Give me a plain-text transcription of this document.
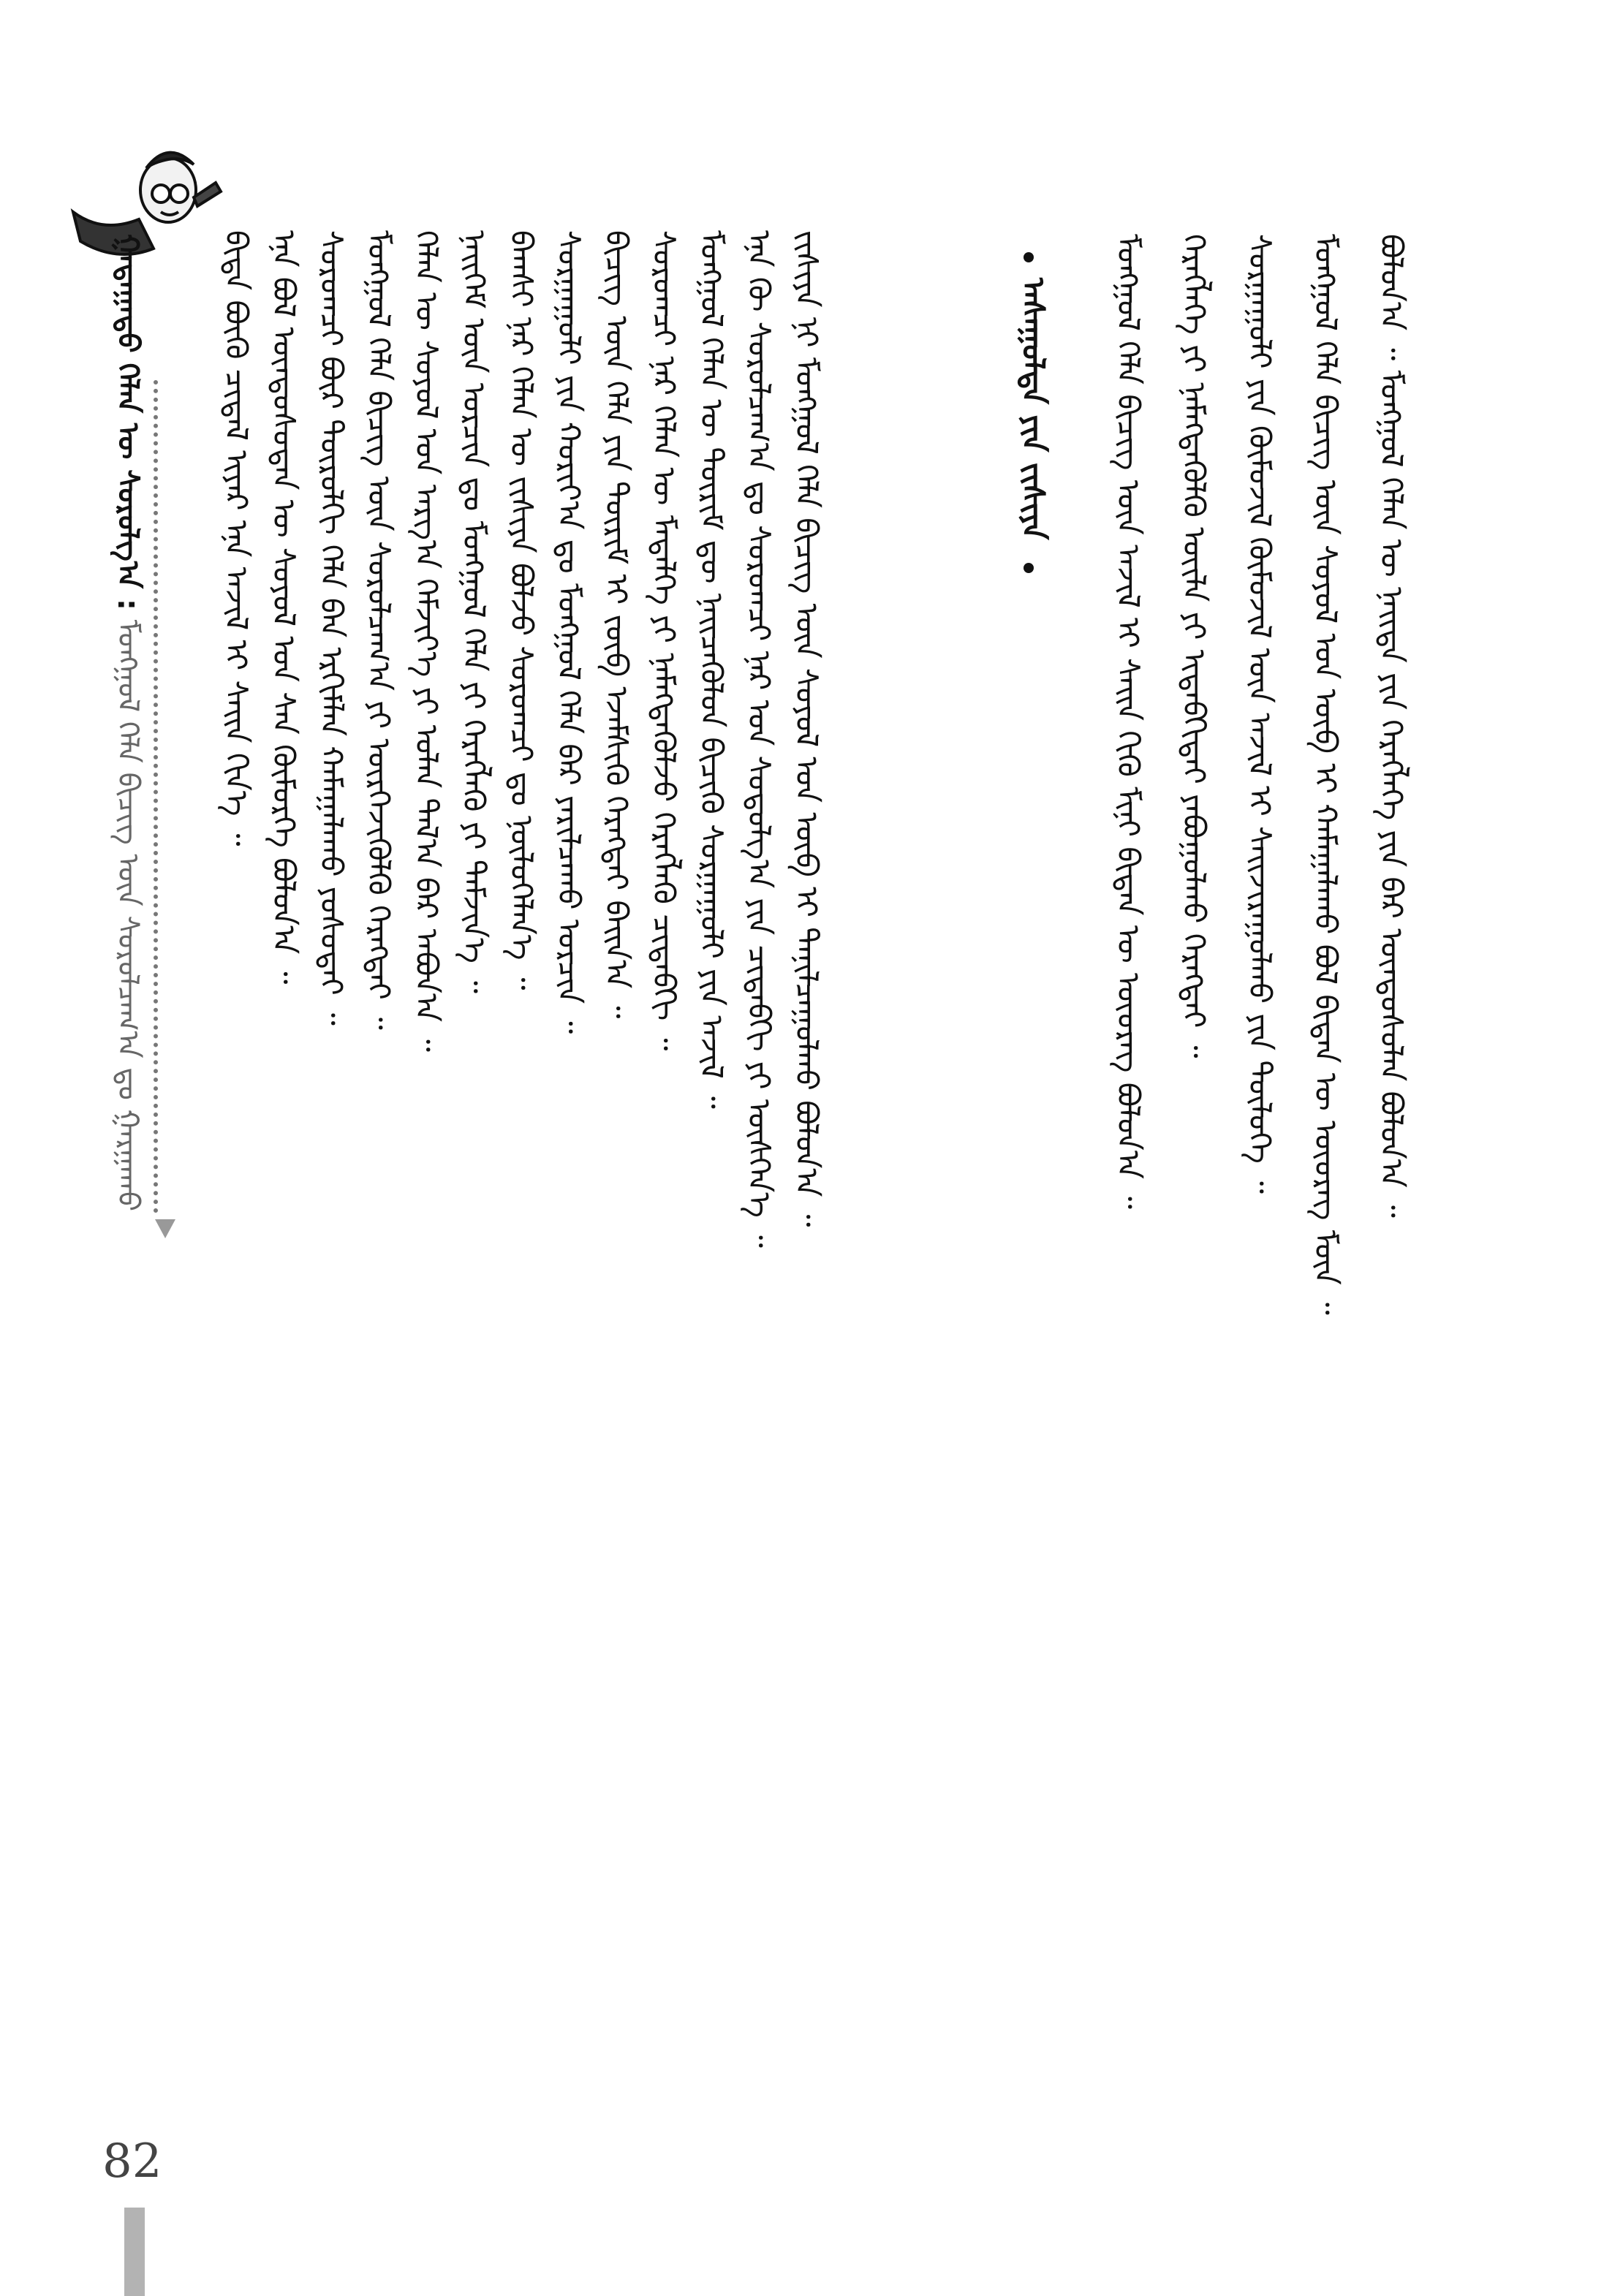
ᠭᠠᠳᠠᠭᠠᠳᠤ ᠬᠡᠯᠡᠨ ᠦ ᠰᠤᠷᠤᠯᠭ᠎ᠠ : ᠮᠣᠩᠭᠣᠯ ᠬᠡᠯᠡ ᠪᠢᠴᠢᠭ ᠦᠨ ᠰᠤᠷᠤᠯᠴᠠᠭ᠎ᠠ ᠳᠤ ᠭᠠᠷᠭᠠᠬᠤ
ᠪᠢᠳᠡ ᠪᠦᠬᠦ ᠴᠢᠳᠠᠯ ᠢᠶᠠᠷ ᠡᠨᠡ ᠠᠵᠢᠯ ᠢ ᠰᠠᠢᠨ ᠬᠢᠨ᠎ᠡ ᠃ ᠡᠨᠡ ᠪᠣᠯ ᠦᠨᠳᠦᠰᠦᠲᠡᠨ ᠦ ᠰᠣᠶᠣᠯ ᠤᠨ ᠰᠠᠨ ᠬᠥᠮᠥᠷᠭᠡ ᠪᠣᠯᠤᠨ᠎ᠠ ᠃ ᠰᠤᠷᠤᠭᠴᠢ ᠪᠦᠷ ᠲᠥᠷᠥᠯᠬᠢ ᠬᠡᠯᠡ ᠪᠡᠨ ᠡᠷᠬᠢᠮᠯᠡᠨ ᠬᠠᠮᠠᠭᠠᠯᠠᠬᠤ ᠶᠤᠰᠤᠲᠠᠢ ᠃ ᠮᠣᠩᠭᠣᠯ ᠬᠡᠯᠡ ᠪᠢᠴᠢᠭ ᠦᠨ ᠰᠤᠷᠤᠯᠴᠠᠭ᠎ᠠ ᠶᠢ ᠥᠷᠭᠡᠵᠢᠭᠦᠯᠬᠦ ᠬᠡᠷᠡᠭᠲᠡᠢ ᠃ ᠬᠡᠯᠡᠨ ᠦ ᠰᠣᠶᠣᠯ ᠤᠨ ᠠᠷᠭ᠎ᠠ ᠬᠡᠮᠵᠢᠶ᠎ᠡ ᠶᠢ ᠣᠯᠠᠨ ᠲᠠᠯ᠎ᠠ ᠪᠡᠷ ᠠᠪᠤᠨ᠎ᠠ ᠃ ᠨᠡᠢᠭᠡᠮ ᠦᠨ ᠣᠷᠴᠢᠨ ᠳᠤ ᠮᠣᠩᠭᠣᠯ ᠬᠡᠯᠡ ᠶᠢ ᠬᠡᠷᠡᠭᠯᠡᠬᠦ ᠶᠢ ᠳᠡᠮᠵᠢᠨ᠎ᠡ ᠃ ᠪᠠᠭᠰᠢ ᠨᠠᠷ ᠬᠡᠯᠡᠨ ᠦ ᠵᠢᠱᠢᠶᠡ ᠪᠣᠯᠵᠤ ᠰᠤᠷᠤᠭᠴᠢ ᠳᠤ ᠨᠥᠯᠦᠭᠡᠯᠡᠨ᠎ᠡ ᠃ ᠰᠤᠷᠭᠠᠭᠤᠯᠢ ᠶᠢᠨ ᠬᠣᠷᠢᠶ᠎ᠠ ᠳᠤ ᠮᠣᠩᠭᠣᠯ ᠬᠡᠯᠡ ᠪᠡᠷ ᠶᠠᠷᠢᠯᠴᠠᠬᠤ ᠣᠷᠴᠢᠨ ᠃ ᠪᠢᠴᠢᠭ ᠦᠨ ᠬᠡᠯᠡ ᠶᠢᠨ ᠳᠦᠷᠢᠮ ᠢ ᠵᠥᠪ ᠡᠵᠡᠮᠰᠢᠬᠦ ᠬᠡᠷᠡᠭᠲᠡᠢ ᠪᠠᠢᠨ᠎ᠠ ᠃ ᠰᠤᠷᠤᠭᠴᠢ ᠨᠠᠷ ᠬᠡᠯᠡᠨ ᠦ ᠮᠡᠳᠡᠯᠭᠡ ᠶᠢ ᠨᠡᠮᠡᠭᠳᠡᠭᠦᠯᠵᠦ ᠬᠡᠷᠡᠭᠯᠡᠬᠦ ᠴᠢᠳᠠᠪᠬᠢ ᠃ ᠮᠣᠩᠭᠣᠯ ᠬᠡᠯᠡᠨ ᠦ ᠳᠦᠷᠢᠮ ᠳᠦ ᠨᠡᠢᠴᠡᠭᠦᠯᠦᠨ ᠪᠢᠴᠢᠬᠦ ᠰᠤᠷᠭᠠᠭᠤᠯᠢ ᠶᠢᠨ ᠠᠵᠢᠯ ᠃ ᠡᠨᠡ ᠬᠦ ᠰᠤᠷᠤᠯᠴᠠᠭ᠎ᠠ ᠳᠤ ᠰᠤᠷᠤᠭᠴᠢ ᠨᠠᠷ ᠤᠨ ᠰᠤᠳᠤᠯᠭ᠎ᠠ ᠶᠢᠨ ᠴᠢᠳᠠᠪᠬᠢ ᠶᠢ ᠥᠰᠬᠡᠨ᠎ᠡ ᠃ ᠵᠢᠱᠢᠶᠡ ᠨᠢ ᠮᠣᠩᠭᠣᠯ ᠬᠡᠯᠡ ᠪᠢᠴᠢᠭ ᠦᠨ ᠰᠣᠶᠣᠯ ᠤᠨ ᠦᠪ ᠢ ᠲᠠᠨᠢᠯᠴᠠᠭᠤᠯᠬᠤ ᠪᠣᠯᠤᠨ᠎ᠠ ᠃	ᠠᠰᠠᠭᠤᠯᠲᠠ ᠶᠢᠨ ᠵᠢᠱᠢᠶᠡ ᠮᠣᠩᠭᠣᠯ ᠬᠡᠯᠡ ᠪᠢᠴᠢᠭ ᠦᠨ ᠠᠵᠢᠯ ᠢ ᠰᠠᠢᠨ ᠬᠢᠬᠦ ᠮᠢᠨᠢ ᠪᠢᠳᠡᠨ ᠦ ᠦᠦᠷᠡᠭ ᠪᠣᠯᠤᠨ᠎ᠠ ᠃ ᠬᠡᠷᠡᠭᠯᠡᠭᠡ ᠶᠢ ᠨᠡᠮᠡᠭᠳᠡᠭᠦᠯᠬᠦ ᠦᠢᠯᠡ ᠶᠢ ᠢᠳᠡᠪᠬᠢᠳᠡᠢ ᠶᠠᠪᠤᠭᠤᠯᠬᠤ ᠬᠡᠷᠡᠭᠲᠡᠢ ᠃ ᠰᠤᠷᠭᠠᠭᠤᠯᠢ ᠶᠢᠨ ᠬᠦᠮᠦᠵᠢᠯ ᠬᠥᠮᠦᠵᠢᠯ ᠦᠨ ᠠᠵᠢᠯ ᠢ ᠰᠠᠢᠵᠢᠷᠠᠭᠤᠯᠬᠤ ᠶᠢᠨ ᠲᠥᠯᠦᠭᠡ ᠃ ᠮᠣᠩᠭᠣᠯ ᠬᠡᠯᠡ ᠪᠢᠴᠢᠭ ᠦᠨ ᠰᠣᠶᠣᠯ ᠤᠨ ᠦᠪ ᠢ ᠬᠠᠮᠠᠭᠠᠯᠠᠬᠤ ᠪᠣᠯ ᠪᠢᠳᠡᠨ ᠦ ᠦᠦᠷᠡᠭ ᠮᠥᠨ ᠃ ᠪᠣᠯᠤᠨ᠎ᠠ ᠃ ᠮᠣᠩᠭᠣᠯ ᠬᠡᠯᠡᠨ ᠦ ᠨᠡᠢᠲᠡ ᠶᠢᠨ ᠬᠡᠷᠡᠭᠯᠡᠭᠡ ᠶᠢᠨ ᠪᠡᠷ ᠦᠨᠳᠦᠰᠦᠯᠡᠨ ᠪᠣᠯᠤᠨ᠎ᠠ ᠃
82
